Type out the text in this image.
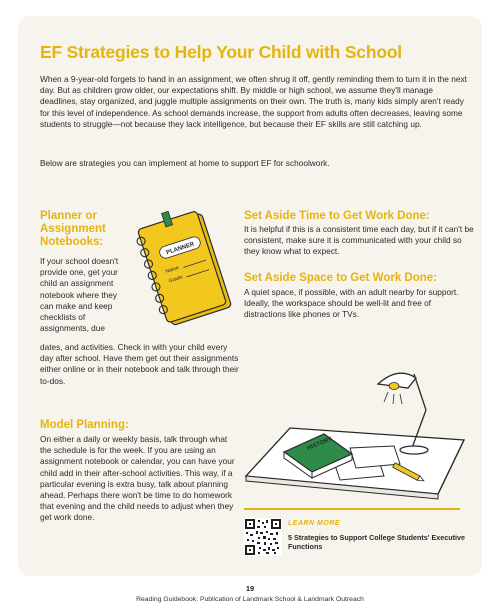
EF Strategies to Help Your Child with School
When a 9-year-old forgets to hand in an assignment, we often shrug it off, gently reminding them to turn it in the next day. But as children grow older, our expectations shift. By middle or high school, we assume they'll manage deadlines, stay organized, and juggle multiple assignments on their own. The truth is, many kids simply aren't ready for this level of independence. As school demands increase, the support from adults often decreases, leaving some students to struggle—not because they lack intelligence, but because their EF skills are still catching up.
Below are strategies you can implement at home to support EF for schoolwork.
Planner or Assignment Notebooks:
If your school doesn't provide one, get your child an assignment notebook where they can make and keep checklists of assignments, due
dates, and activities. Check in with your child every day after school. Have them get out their assignments either online or in their notebook and talk through their to-dos.
PLANNER
Name:
Grade:
Set Aside Time to Get Work Done:
It is helpful if this is a consistent time each day, but if it can't be consistent, make sure it is communicated with your child so they know what to expect.
Set Aside Space to Get Work Done:
A quiet space, if possible, with an adult nearby for support. Ideally, the workspace should be well-lit and free of distractions like phones or TVs.
Model Planning:
On either a daily or weekly basis, talk through what the schedule is for the week. If you are using an assignment notebook or calendar, you can have your child add in their after-school activities. This way, if a particular evening is extra busy, talk about planning ahead. Perhaps there won't be time to do homework that evening and the child needs to adjust when they get work done.
HISTORY
LEARN MORE
5 Strategies to Support College Students' Executive Functions
19
Reading Guidebook: Publication of Landmark School & Landmark Outreach
